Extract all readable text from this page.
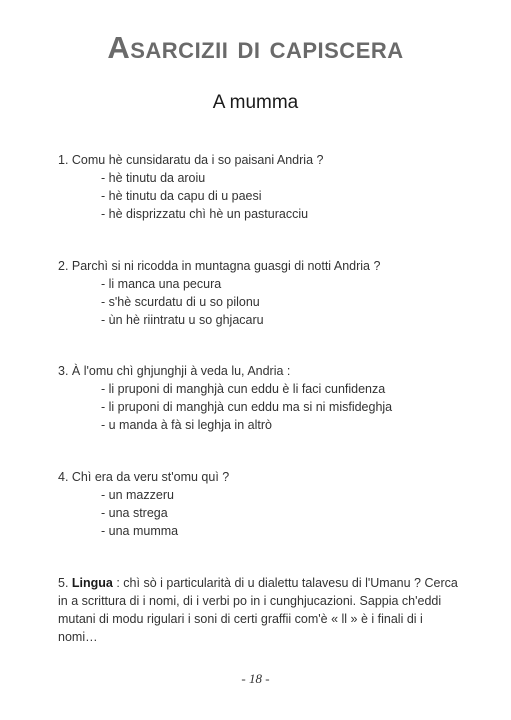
Asarcizii di capiscera
A mumma
1. Comu hè cunsidaratu da i so paisani Andria ?
- hè tinutu da aroiu
- hè tinutu da capu di u paesi
- hè disprizzatu chì hè un pasturacciu
2. Parchì si ni ricodda in muntagna guasgi di notti Andria ?
- li manca una pecura
- s'hè scurdatu di u so pilonu
- ùn hè riintratu u so ghjacaru
3. À l'omu chì ghjunghji à veda lu, Andria :
- li pruponi di manghjà cun eddu è li faci cunfidenza
- li pruponi di manghjà cun eddu ma si ni misfideghja
- u manda à fà si leghja in altrò
4. Chì era da veru st'omu quì ?
- un mazzeru
- una strega
- una mumma
5. Lingua : chì sò i particularità di u dialettu talavesu di l'Umanu ? Cerca in a scrittura di i nomi, di i verbi po in i cunghjucazioni. Sappia ch'eddi mutani di modu rigulari i soni di certi graffii com'è « ll » è i finali di i nomi…
- 18 -
